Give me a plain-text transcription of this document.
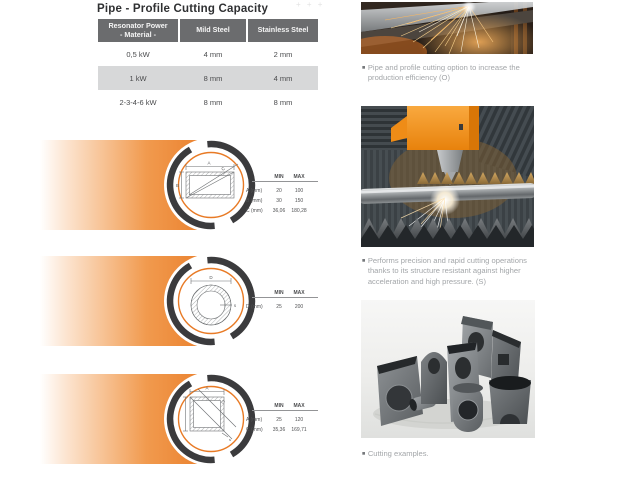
Pipe - Profile Cutting Capacity	+ + +
Resonator Power
- Material -	Mild Steel	Stainless Steel
0,5 kW	4 mm	2 mm
1 kW	8 mm	4 mm
2-3-4-6 kW	8 mm	8 mm
A
B
C
MIN	MAX
A (mm)	20	100
B (mm)	30	150
C (mm)	36,06	180,28
D
s
MIN	MAX
D (mm)	25	200
A
C
s
MIN	MAX
A (mm)	25	120
C (mm)	35,36	169,71
■ Pipe and profile cutting option to increase the production efficiency (O)
■ Performs precision and rapid cutting operations thanks to its structure resistant against higher acceleration and high pressure. (S)
■ Cutting examples.
